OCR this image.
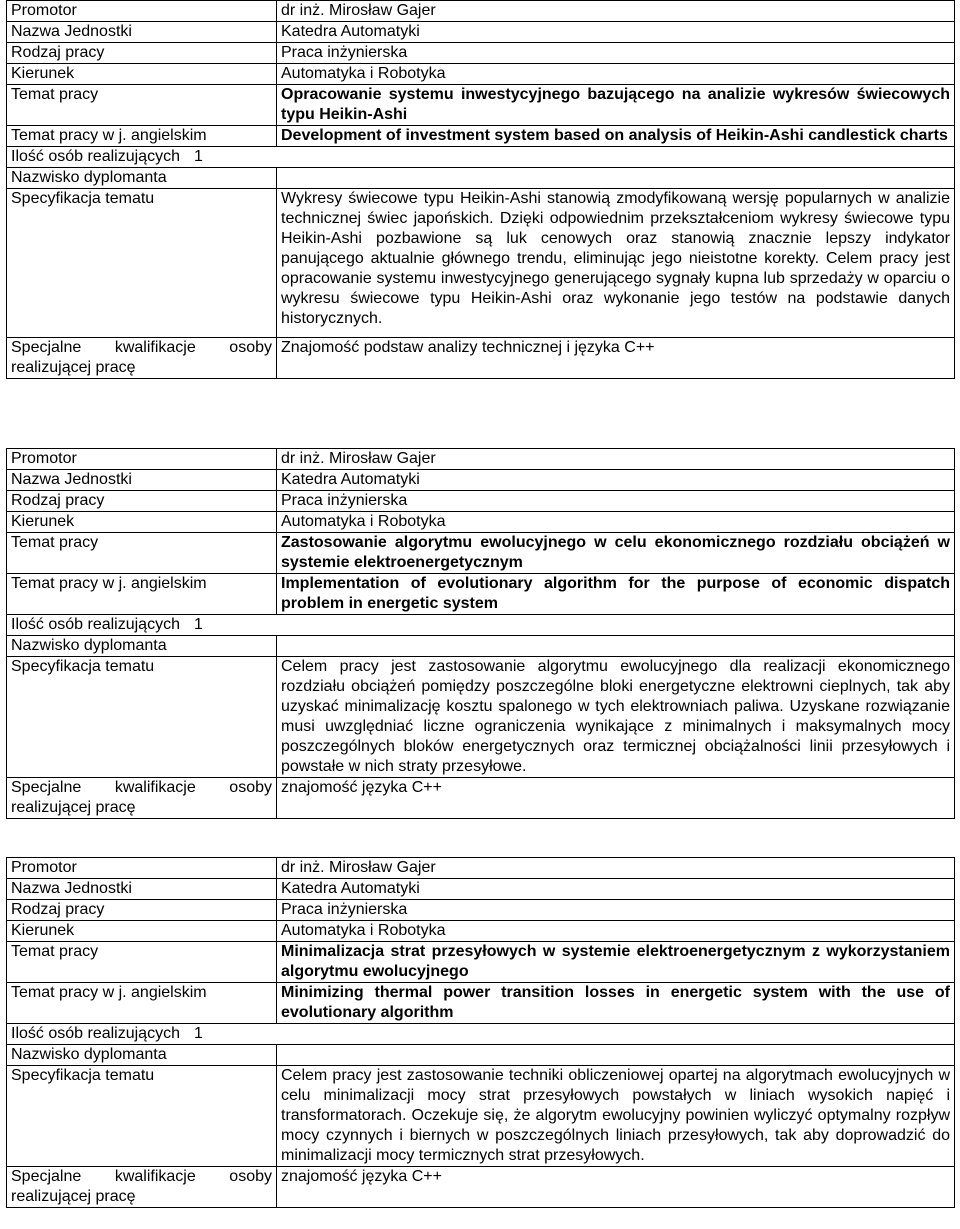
Promotor	dr inż. Mirosław Gajer
Nazwa Jednostki	Katedra Automatyki
Rodzaj pracy	Praca inżynierska
Kierunek	Automatyka i Robotyka
Temat pracy	Opracowanie systemu inwestycyjnego bazującego na analizie wykresów świecowych typu Heikin-Ashi
Temat pracy w j. angielskim	Development of investment system based on analysis of Heikin-Ashi candlestick charts
Ilość osób realizujących 1	
Nazwisko dyplomanta	
Specyfikacja tematu	Wykresy świecowe typu Heikin-Ashi stanowią zmodyfikowaną wersję popularnych w analizie technicznej świec japońskich. Dzięki odpowiednim przekształceniom wykresy świecowe typu Heikin-Ashi pozbawione są luk cenowych oraz stanowią znacznie lepszy indykator panującego aktualnie głównego trendu, eliminując jego nieistotne korekty. Celem pracy jest opracowanie systemu inwestycyjnego generującego sygnały kupna lub sprzedaży w oparciu o wykresu świecowe typu Heikin-Ashi oraz wykonanie jego testów na podstawie danych historycznych.

Specjalne kwalifikacje osoby
realizującej pracę	Znajomość podstaw analizy technicznej i języka C++
Promotor	dr inż. Mirosław Gajer
Nazwa Jednostki	Katedra Automatyki
Rodzaj pracy	Praca inżynierska
Kierunek	Automatyka i Robotyka
Temat pracy	Zastosowanie algorytmu ewolucyjnego w celu ekonomicznego rozdziału obciążeń w systemie elektroenergetycznym
Temat pracy w j. angielskim	Implementation of evolutionary algorithm for the purpose of economic dispatch problem in energetic system
Ilość osób realizujących 1	
Nazwisko dyplomanta	
Specyfikacja tematu	Celem pracy jest zastosowanie algorytmu ewolucyjnego dla realizacji ekonomicznego rozdziału obciążeń pomiędzy poszczególne bloki energetyczne elektrowni cieplnych, tak aby uzyskać minimalizację kosztu spalonego w tych elektrowniach paliwa. Uzyskane rozwiązanie musi uwzględniać liczne ograniczenia wynikające z minimalnych i maksymalnych mocy poszczególnych bloków energetycznych oraz termicznej obciążalności linii przesyłowych i powstałe w nich straty przesyłowe.

Specjalne kwalifikacje osoby
realizującej pracę	znajomość języka C++
Promotor	dr inż. Mirosław Gajer
Nazwa Jednostki	Katedra Automatyki
Rodzaj pracy	Praca inżynierska
Kierunek	Automatyka i Robotyka
Temat pracy	Minimalizacja strat przesyłowych w systemie elektroenergetycznym z wykorzystaniem algorytmu ewolucyjnego
Temat pracy w j. angielskim	Minimizing thermal power transition losses in energetic system with the use of evolutionary algorithm
Ilość osób realizujących 1	
Nazwisko dyplomanta	
Specyfikacja tematu	Celem pracy jest zastosowanie techniki obliczeniowej opartej na algorytmach ewolucyjnych w celu minimalizacji mocy strat przesyłowych powstałych w liniach wysokich napięć i transformatorach. Oczekuje się, że algorytm ewolucyjny powinien wyliczyć optymalny rozpływ mocy czynnych i biernych w poszczególnych liniach przesyłowych, tak aby doprowadzić do minimalizacji mocy termicznych strat przesyłowych.

Specjalne kwalifikacje osoby
realizującej pracę	znajomość języka C++
